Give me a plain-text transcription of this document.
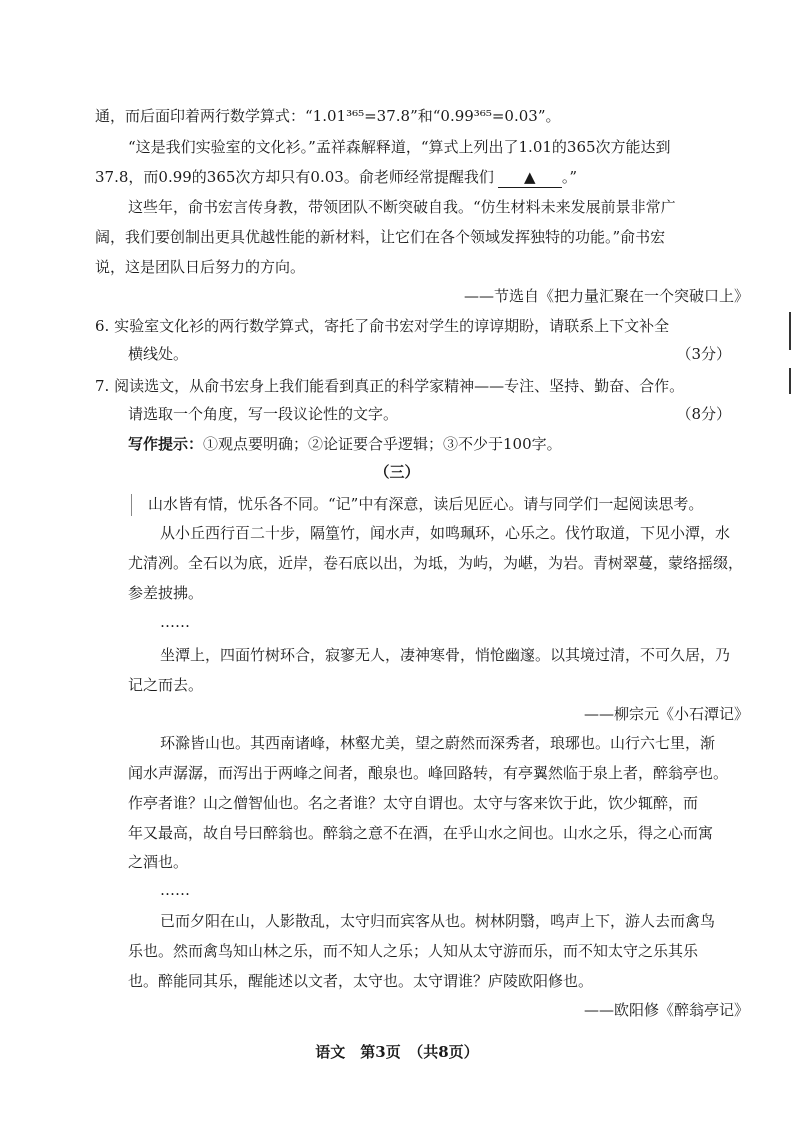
通，而后面印着两行数学算式：“1.01³⁶⁵=37.8”和“0.99³⁶⁵=0.03”。
“这是我们实验室的文化衫。”孟祥森解释道，“算式上列出了1.01的365次方能达到
37.8，而0.99的365次方却只有0.03。俞老师经常提醒我们 ▲ 。”
这些年，俞书宏言传身教，带领团队不断突破自我。“仿生材料未来发展前景非常广
阔，我们要创制出更具优越性能的新材料，让它们在各个领域发挥独特的功能。”俞书宏
说，这是团队日后努力的方向。
——节选自《把力量汇聚在一个突破口上》
6. 实验室文化衫的两行数学算式，寄托了俞书宏对学生的谆谆期盼，请联系上下文补全
横线处。	（3分）
7. 阅读选文，从俞书宏身上我们能看到真正的科学家精神——专注、坚持、勤奋、合作。
请选取一个角度，写一段议论性的文字。	（8分）
写作提示：①观点要明确；②论证要合乎逻辑；③不少于100字。
（三）
山水皆有情，忧乐各不同。“记”中有深意，读后见匠心。请与同学们一起阅读思考。
从小丘西行百二十步，隔篁竹，闻水声，如鸣珮环，心乐之。伐竹取道，下见小潭，水
尤清冽。全石以为底，近岸，卷石底以出，为坻，为屿，为嵁，为岩。青树翠蔓，蒙络摇缀，
参差披拂。
……
坐潭上，四面竹树环合，寂寥无人，凄神寒骨，悄怆幽邃。以其境过清，不可久居，乃
记之而去。
——柳宗元《小石潭记》
环滁皆山也。其西南诸峰，林壑尤美，望之蔚然而深秀者，琅琊也。山行六七里，渐
闻水声潺潺，而泻出于两峰之间者，酿泉也。峰回路转，有亭翼然临于泉上者，醉翁亭也。
作亭者谁？山之僧智仙也。名之者谁？太守自谓也。太守与客来饮于此，饮少辄醉，而
年又最高，故自号曰醉翁也。醉翁之意不在酒，在乎山水之间也。山水之乐，得之心而寓
之酒也。
……
已而夕阳在山，人影散乱，太守归而宾客从也。树林阴翳，鸣声上下，游人去而禽鸟
乐也。然而禽鸟知山林之乐，而不知人之乐；人知从太守游而乐，而不知太守之乐其乐
也。醉能同其乐，醒能述以文者，太守也。太守谓谁？庐陵欧阳修也。
——欧阳修《醉翁亭记》
语文　第3页　（共8页）
